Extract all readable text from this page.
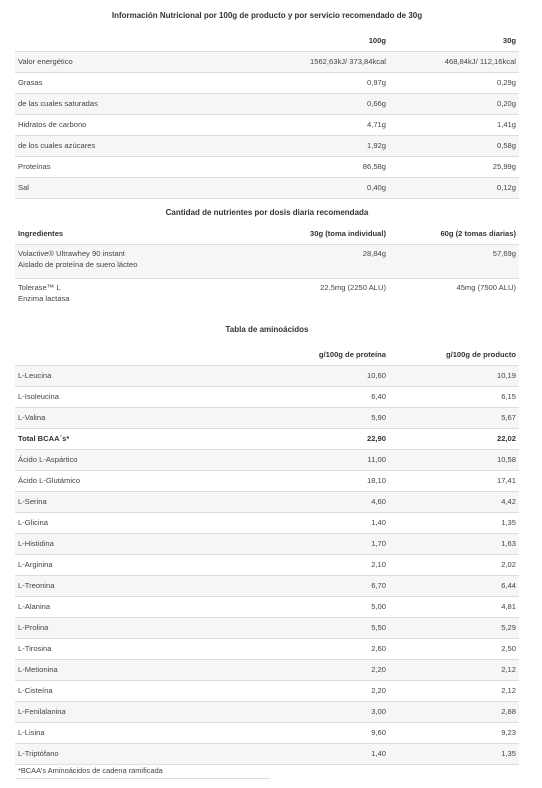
Información Nutricional por 100g de producto y por servicio recomendado de 30g
	100g	30g
Valor energético	1562,63kJ/ 373,84kcal	468,84kJ/ 112,16kcal
Grasas	0,97g	0,29g
de las cuales saturadas	0,66g	0,20g
Hidratos de carbono	4,71g	1,41g
de los cuales azúcares	1,92g	0,58g
Proteínas	86,58g	25,99g
Sal	0,40g	0,12g
Cantidad de nutrientes por dosis diaria recomendada
Ingredientes	30g (toma individual)	60g (2 tomas diarias)
Volactive® Ultrawhey 90 instant
Aislado de proteína de suero lácteo	28,84g	57,69g
Tolerase™ L
Enzima lactasa	22,5mg (2250 ALU)	45mg (7500 ALU)
Tabla de aminoácidos
	g/100g de proteína	g/100g de producto
L-Leucina	10,60	10,19
L-Isoleucina	6,40	6,15
L-Valina	5,90	5,67
Total BCAA´s*	22,90	22,02
Ácido L-Aspártico	11,00	10,58
Ácido L-Glutámico	18,10	17,41
L-Serina	4,60	4,42
L-Glicina	1,40	1,35
L-Histidina	1,70	1,63
L-Arginina	2,10	2,02
L-Treonina	6,70	6,44
L-Alanina	5,00	4,81
L-Prolina	5,50	5,29
L-Tirosina	2,60	2,50
L-Metionina	2,20	2,12
L-Cisteína	2,20	2,12
L-Fenilalanina	3,00	2,88
L-Lisina	9,60	9,23
L-Triptófano	1,40	1,35
*BCAA's Aminoácidos de cadena ramificada
